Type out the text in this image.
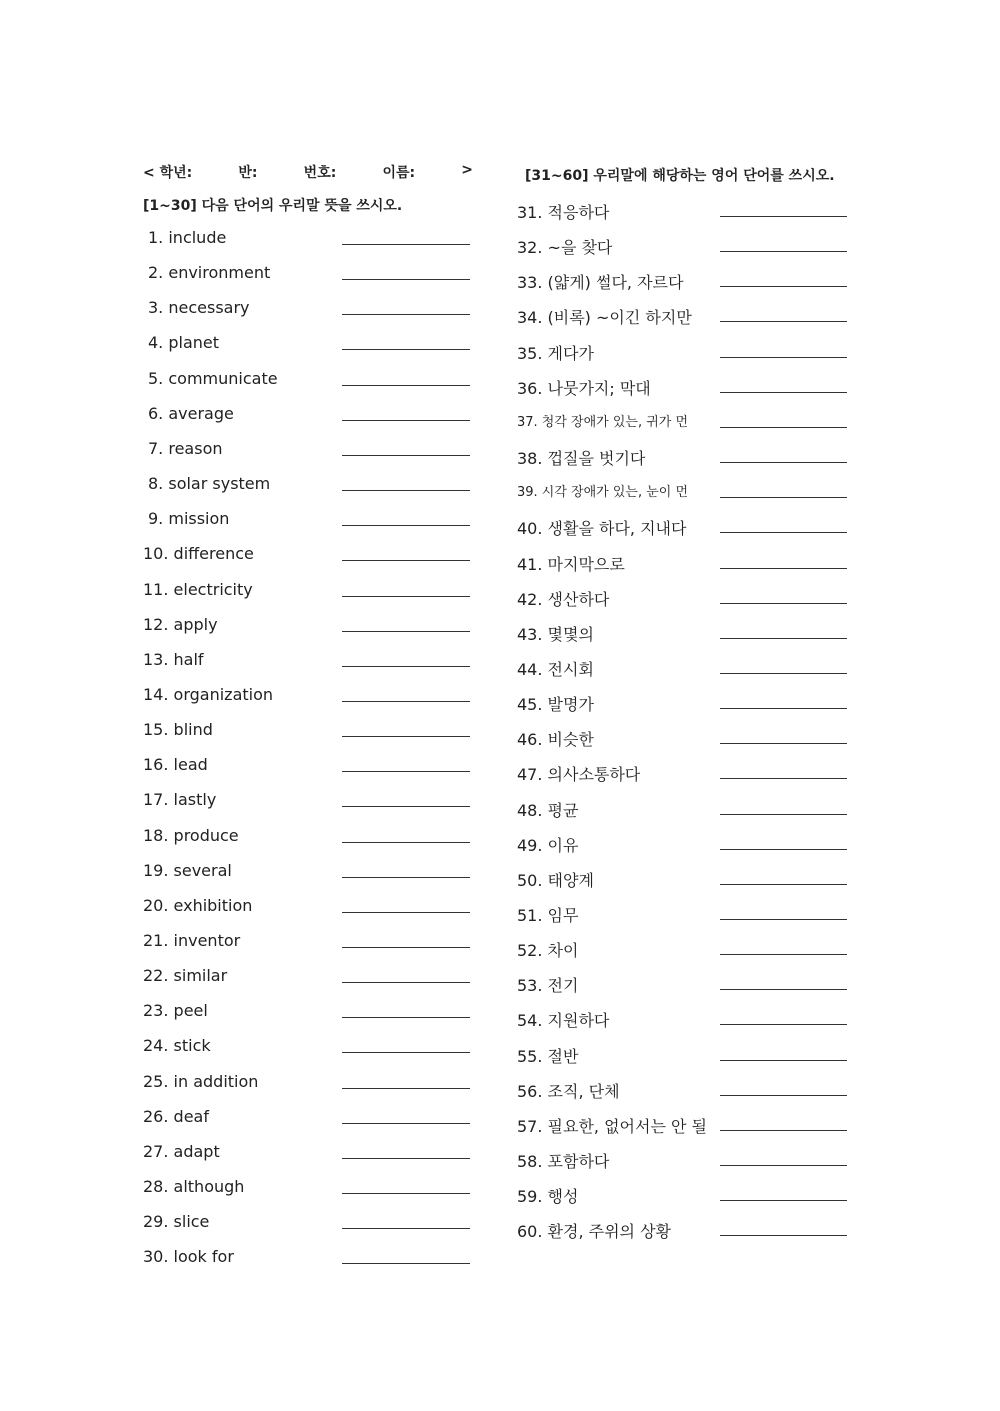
< 학년:	반:	번호:	이름:	>
[1~30] 다음 단어의 우리말 뜻을 쓰시오.
[31~60] 우리말에 해당하는 영어 단어를 쓰시오.
1. include
2. environment
3. necessary
4. planet
5. communicate
6. average
7. reason
8. solar system
9. mission
10. difference
11. electricity
12. apply
13. half
14. organization
15. blind
16. lead
17. lastly
18. produce
19. several
20. exhibition
21. inventor
22. similar
23. peel
24. stick
25. in addition
26. deaf
27. adapt
28. although
29. slice
30. look for
31. 적응하다
32. ~을 찾다
33. (얇게) 썰다, 자르다
34. (비록) ~이긴 하지만
35. 게다가
36. 나뭇가지; 막대
37. 청각 장애가 있는, 귀가 먼
38. 껍질을 벗기다
39. 시각 장애가 있는, 눈이 먼
40. 생활을 하다, 지내다
41. 마지막으로
42. 생산하다
43. 몇몇의
44. 전시회
45. 발명가
46. 비슷한
47. 의사소통하다
48. 평균
49. 이유
50. 태양계
51. 임무
52. 차이
53. 전기
54. 지원하다
55. 절반
56. 조직, 단체
57. 필요한, 없어서는 안 될
58. 포함하다
59. 행성
60. 환경, 주위의 상황
